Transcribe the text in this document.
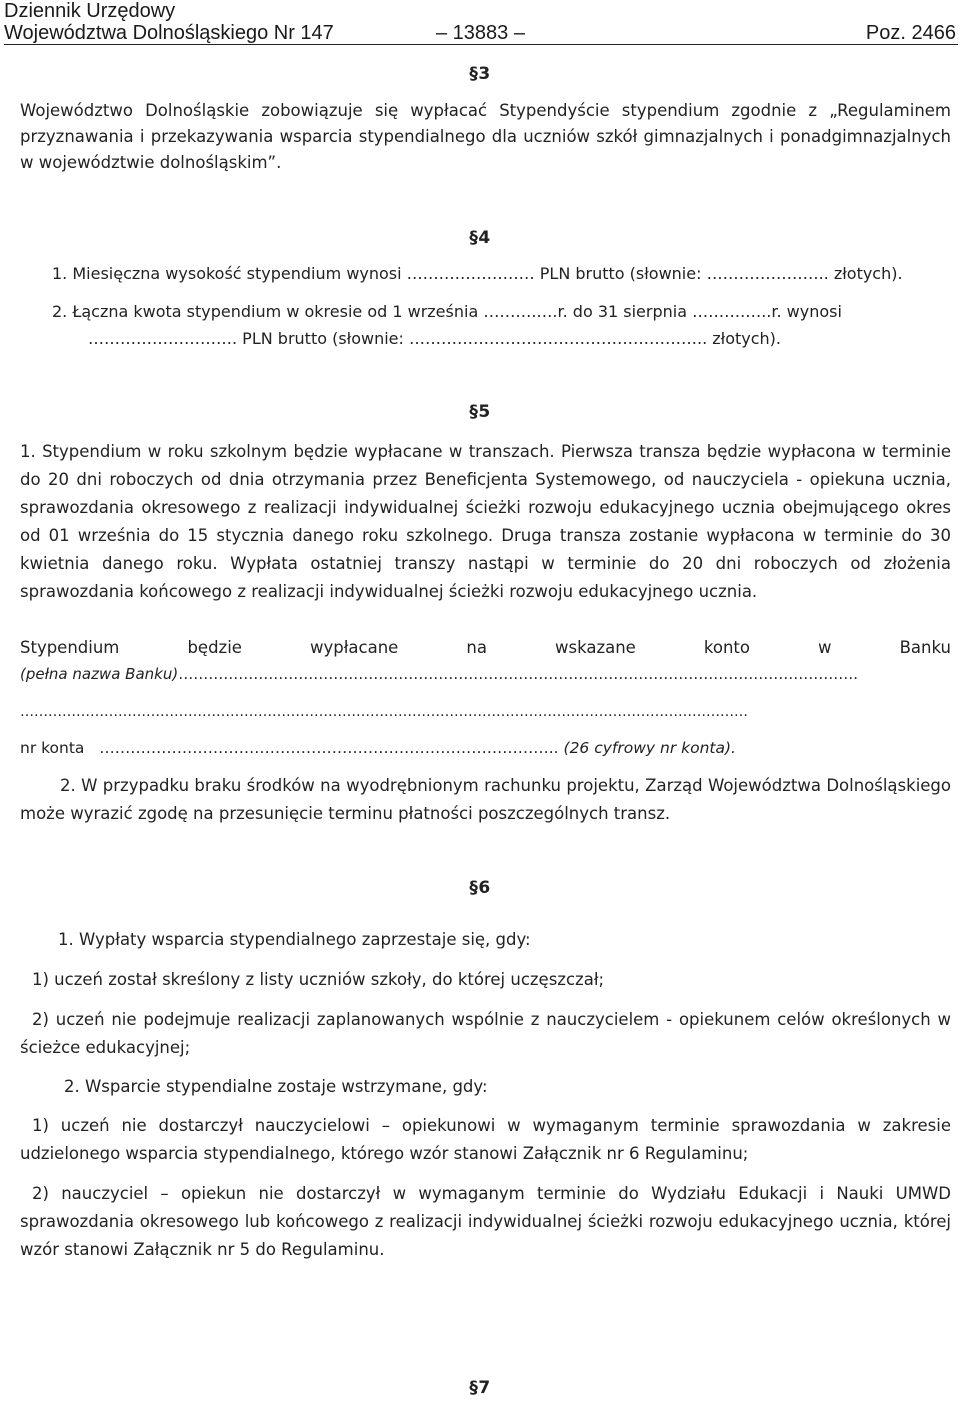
Dziennik Urzędowy
Województwa Dolnośląskiego Nr 147	– 13883 –	Poz. 2466
§3
Województwo Dolnośląskie zobowiązuje się wypłacać Stypendyście stypendium zgodnie z „Regulaminem przyznawania i przekazywania wsparcia stypendialnego dla uczniów szkół gimnazjalnych i ponadgimnazjalnych w województwie dolnośląskim”.
§4
1. Miesięczna wysokość stypendium wynosi …………………… PLN brutto (słownie: ………………….. złotych).
2. Łączna kwota stypendium w okresie od 1 września ……….….r. do 31 sierpnia ……….…..r. wynosi
………………………. PLN brutto (słownie: ……………………………………………….. złotych).
§5
1. Stypendium w roku szkolnym będzie wypłacane w transzach. Pierwsza transza będzie wypłacona w terminie do 20 dni roboczych od dnia otrzymania przez Beneficjenta Systemowego, od nauczyciela - opiekuna ucznia, sprawozdania okresowego z realizacji indywidualnej ścieżki rozwoju edukacyjnego ucznia obejmującego okres od 01 września do 15 stycznia danego roku szkolnego. Druga transza zostanie wypłacona w terminie do 30 kwietnia danego roku. Wypłata ostatniej transzy nastąpi w terminie do 20 dni roboczych od złożenia sprawozdania końcowego z realizacji indywidualnej ścieżki rozwoju edukacyjnego ucznia.
Stypendium	będzie	wypłacane	na	wskazane	konto	w	Banku
(pełna nazwa Banku)……………………………………………………………………………………………………………………….
…………………………………………………………………………………………………………………………………………
nr konta …………………………………………………………………………….. (26 cyfrowy nr konta).
2. W przypadku braku środków na wyodrębnionym rachunku projektu, Zarząd Województwa Dolnośląskiego może wyrazić zgodę na przesunięcie terminu płatności poszczególnych transz.
§6
1. Wypłaty wsparcia stypendialnego zaprzestaje się, gdy:
1) uczeń został skreślony z listy uczniów szkoły, do której uczęszczał;
2) uczeń nie podejmuje realizacji zaplanowanych wspólnie z nauczycielem - opiekunem celów określonych w ścieżce edukacyjnej;
2. Wsparcie stypendialne zostaje wstrzymane, gdy:
1) uczeń nie dostarczył nauczycielowi – opiekunowi w wymaganym terminie sprawozdania w zakresie udzielonego wsparcia stypendialnego, którego wzór stanowi Załącznik nr 6 Regulaminu;
2) nauczyciel – opiekun nie dostarczył w wymaganym terminie do Wydziału Edukacji i Nauki UMWD sprawozdania okresowego lub końcowego z realizacji indywidualnej ścieżki rozwoju edukacyjnego ucznia, której wzór stanowi Załącznik nr 5 do Regulaminu.
§7
